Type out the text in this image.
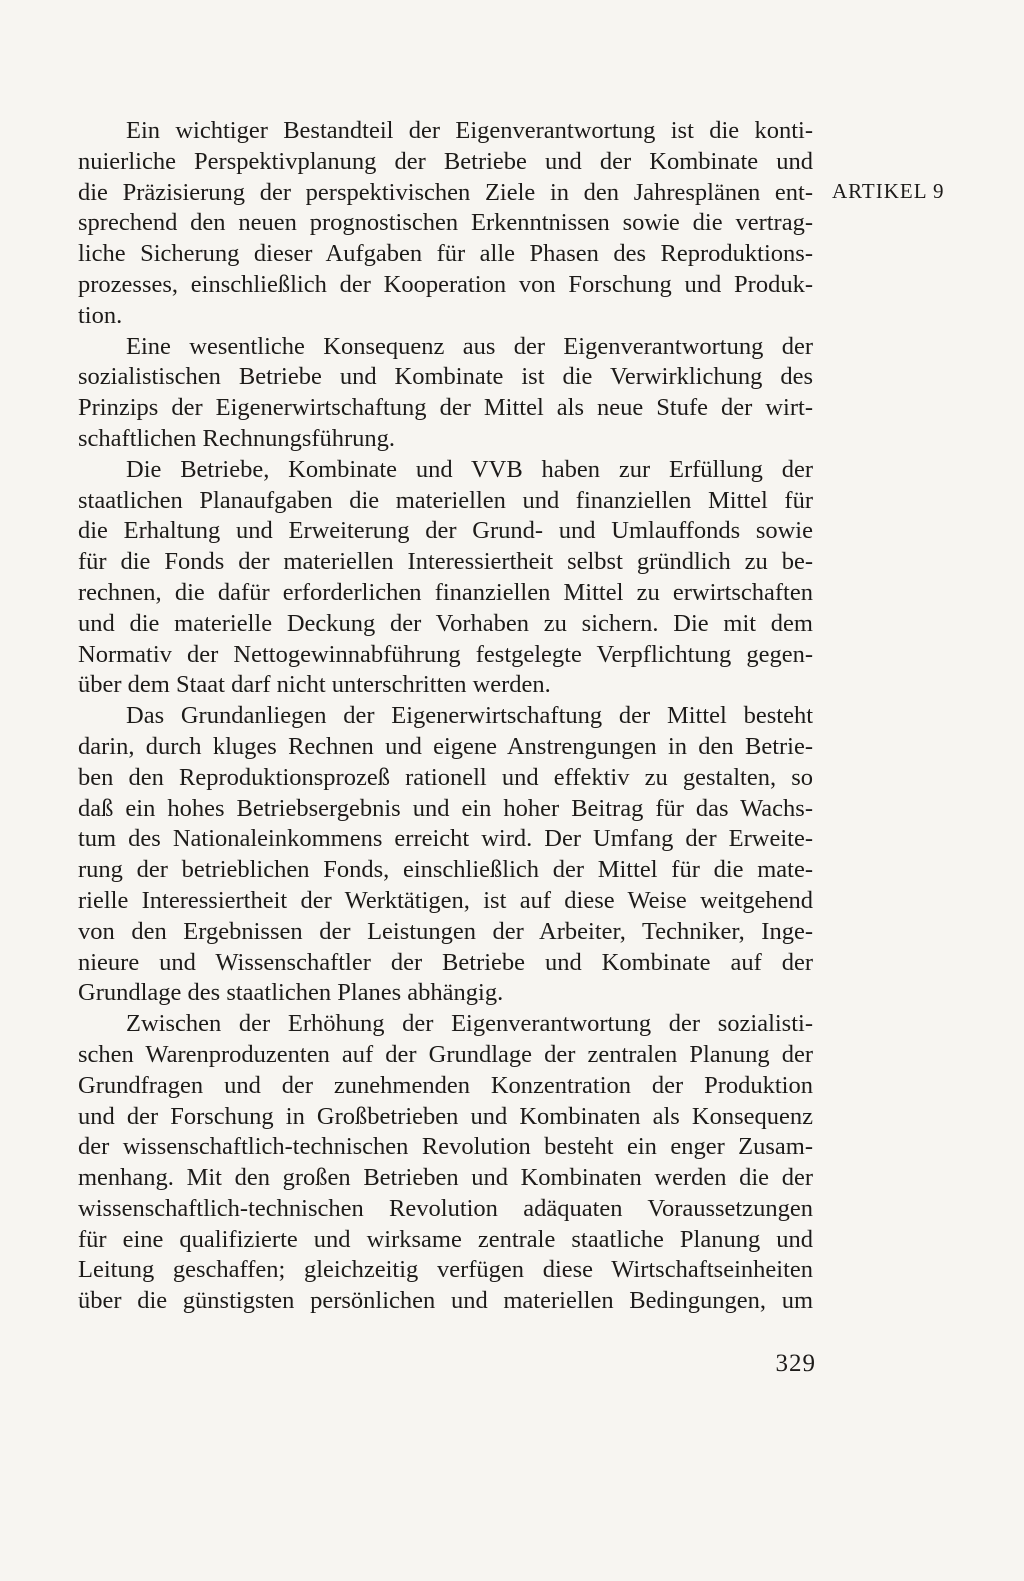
ARTIKEL 9

Ein wichtiger Bestandteil der Eigenverantwortung ist die konti-
nuierliche Perspektivplanung der Betriebe und der Kombinate und
die Präzisierung der perspektivischen Ziele in den Jahresplänen ent-
sprechend den neuen prognostischen Erkenntnissen sowie die vertrag-
liche Sicherung dieser Aufgaben für alle Phasen des Reproduktions-
prozesses, einschließlich der Kooperation von Forschung und Produk-
tion.

Eine wesentliche Konsequenz aus der Eigenverantwortung der
sozialistischen Betriebe und Kombinate ist die Verwirklichung des
Prinzips der Eigenerwirtschaftung der Mittel als neue Stufe der wirt-
schaftlichen Rechnungsführung.

Die Betriebe, Kombinate und VVB haben zur Erfüllung der
staatlichen Planaufgaben die materiellen und finanziellen Mittel für
die Erhaltung und Erweiterung der Grund- und Umlauffonds sowie
für die Fonds der materiellen Interessiertheit selbst gründlich zu be-
rechnen, die dafür erforderlichen finanziellen Mittel zu erwirtschaften
und die materielle Deckung der Vorhaben zu sichern. Die mit dem
Normativ der Nettogewinnabführung festgelegte Verpflichtung gegen-
über dem Staat darf nicht unterschritten werden.

Das Grundanliegen der Eigenerwirtschaftung der Mittel besteht
darin, durch kluges Rechnen und eigene Anstrengungen in den Betrie-
ben den Reproduktionsprozeß rationell und effektiv zu gestalten, so
daß ein hohes Betriebsergebnis und ein hoher Beitrag für das Wachs-
tum des Nationaleinkommens erreicht wird. Der Umfang der Erweite-
rung der betrieblichen Fonds, einschließlich der Mittel für die mate-
rielle Interessiertheit der Werktätigen, ist auf diese Weise weitgehend
von den Ergebnissen der Leistungen der Arbeiter, Techniker, Inge-
nieure und Wissenschaftler der Betriebe und Kombinate auf der
Grundlage des staatlichen Planes abhängig.

Zwischen der Erhöhung der Eigenverantwortung der sozialisti-
schen Warenproduzenten auf der Grundlage der zentralen Planung der
Grundfragen und der zunehmenden Konzentration der Produktion
und der Forschung in Großbetrieben und Kombinaten als Konsequenz
der wissenschaftlich-technischen Revolution besteht ein enger Zusam-
menhang. Mit den großen Betrieben und Kombinaten werden die der
wissenschaftlich-technischen Revolution adäquaten Voraussetzungen
für eine qualifizierte und wirksame zentrale staatliche Planung und
Leitung geschaffen; gleichzeitig verfügen diese Wirtschaftseinheiten
über die günstigsten persönlichen und materiellen Bedingungen, um

329
